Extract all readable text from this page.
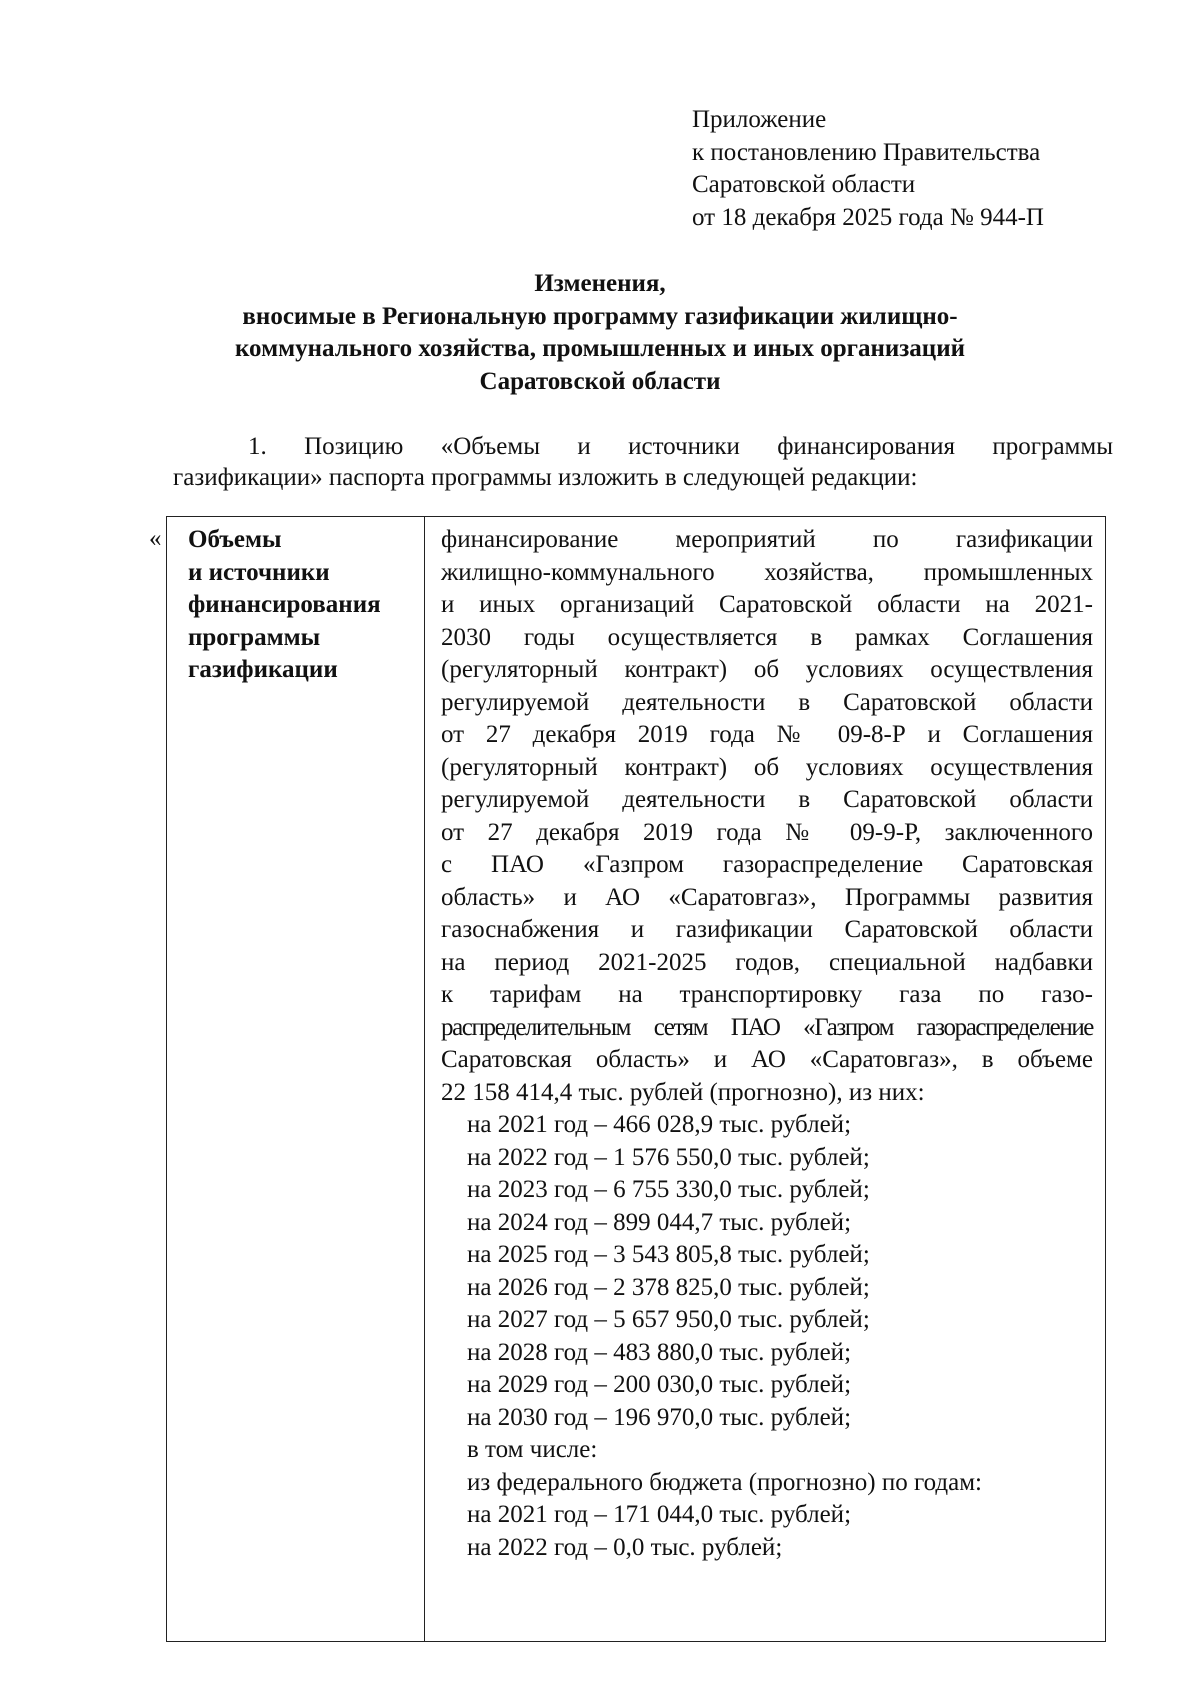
Приложение
к постановлению Правительства
Саратовской области
от 18 декабря 2025 года № 944-П
Изменения,
вносимые в Региональную программу газификации жилищно-
коммунального хозяйства, промышленных и иных организаций
Саратовской области
1. Позицию «Объемы и источники финансирования программы
газификации» паспорта программы изложить в следующей редакции:
« Объемы
и источники
финансирования
программы
газификации
финансирование мероприятий по газификации
жилищно-коммунального хозяйства, промышленных
и иных организаций Саратовской области на 2021-
2030 годы осуществляется в рамках Соглашения
(регуляторный контракт) об условиях осуществления
регулируемой деятельности в Саратовской области
от 27 декабря 2019 года № 09-8-Р и Соглашения
(регуляторный контракт) об условиях осуществления
регулируемой деятельности в Саратовской области
от 27 декабря 2019 года № 09-9-Р, заключенного
с ПАО «Газпром газораспределение Саратовская
область» и АО «Саратовгаз», Программы развития
газоснабжения и газификации Саратовской области
на период 2021-2025 годов, специальной надбавки
к тарифам на транспортировку газа по газо-
распределительным сетям ПАО «Газпром газораспределение
Саратовская область» и АО «Саратовгаз», в объеме
22 158 414,4 тыс. рублей (прогнозно), из них:
на 2021 год – 466 028,9 тыс. рублей;
на 2022 год – 1 576 550,0 тыс. рублей;
на 2023 год – 6 755 330,0 тыс. рублей;
на 2024 год – 899 044,7 тыс. рублей;
на 2025 год – 3 543 805,8 тыс. рублей;
на 2026 год – 2 378 825,0 тыс. рублей;
на 2027 год – 5 657 950,0 тыс. рублей;
на 2028 год – 483 880,0 тыс. рублей;
на 2029 год – 200 030,0 тыс. рублей;
на 2030 год – 196 970,0 тыс. рублей;
в том числе:
из федерального бюджета (прогнозно) по годам:
на 2021 год – 171 044,0 тыс. рублей;
на 2022 год – 0,0 тыс. рублей;
